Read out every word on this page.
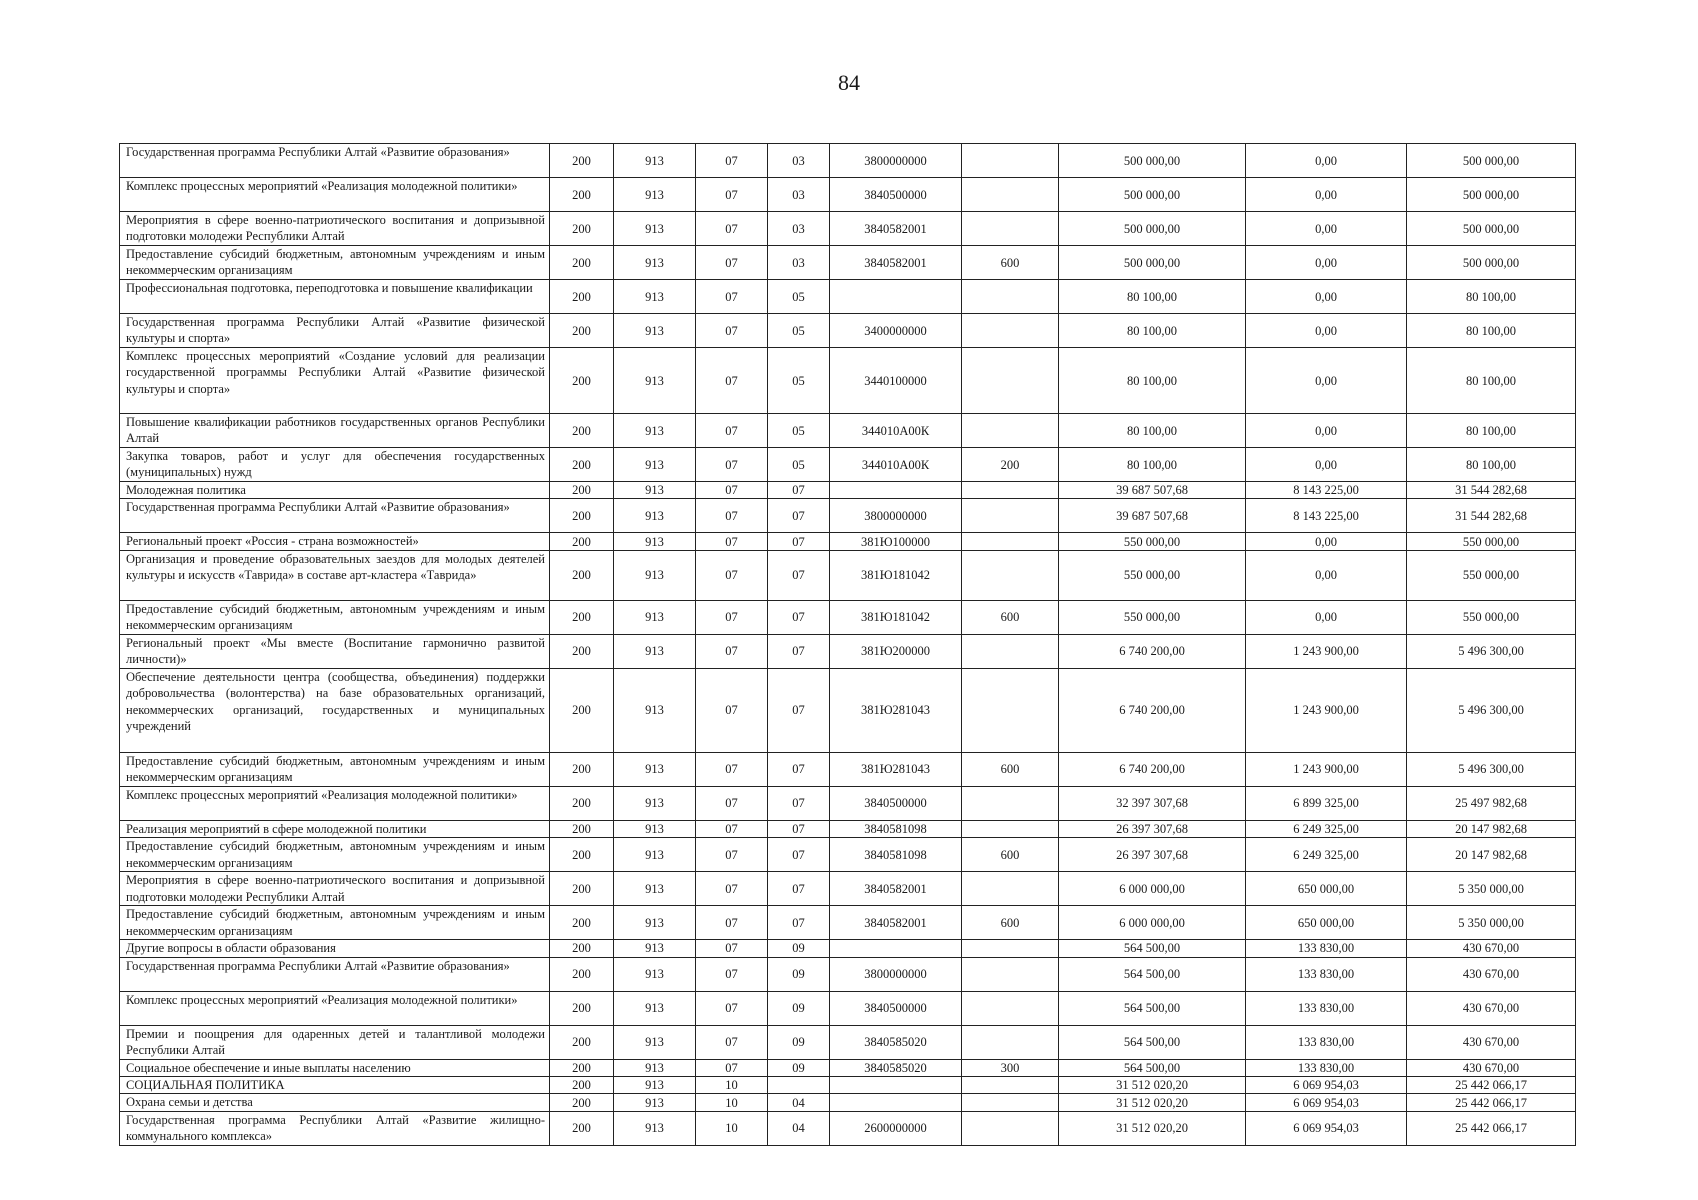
84
Государственная программа Республики Алтай «Развитие образования»	200	913	07	03	3800000000		500 000,00	0,00	500 000,00
Комплекс процессных мероприятий «Реализация молодежной политики»	200	913	07	03	3840500000		500 000,00	0,00	500 000,00
Мероприятия в сфере военно-патриотического воспитания и допризывной подготовки молодежи Республики Алтай	200	913	07	03	3840582001		500 000,00	0,00	500 000,00
Предоставление субсидий бюджетным, автономным учреждениям и иным некоммерческим организациям	200	913	07	03	3840582001	600	500 000,00	0,00	500 000,00
Профессиональная подготовка, переподготовка и повышение квалификации	200	913	07	05			80 100,00	0,00	80 100,00
Государственная программа Республики Алтай «Развитие физической культуры и спорта»	200	913	07	05	3400000000		80 100,00	0,00	80 100,00
Комплекс процессных мероприятий «Создание условий для реализации государственной программы Республики Алтай «Развитие физической культуры и спорта»	200	913	07	05	3440100000		80 100,00	0,00	80 100,00
Повышение квалификации работников государственных органов Республики Алтай	200	913	07	05	344010А00К		80 100,00	0,00	80 100,00
Закупка товаров, работ и услуг для обеспечения государственных (муниципальных) нужд	200	913	07	05	344010А00К	200	80 100,00	0,00	80 100,00
Молодежная политика	200	913	07	07			39 687 507,68	8 143 225,00	31 544 282,68
Государственная программа Республики Алтай «Развитие образования»	200	913	07	07	3800000000		39 687 507,68	8 143 225,00	31 544 282,68
Региональный проект «Россия - страна возможностей»	200	913	07	07	381Ю100000		550 000,00	0,00	550 000,00
Организация и проведение образовательных заездов для молодых деятелей культуры и искусств «Таврида» в составе арт-кластера «Таврида»	200	913	07	07	381Ю181042		550 000,00	0,00	550 000,00
Предоставление субсидий бюджетным, автономным учреждениям и иным некоммерческим организациям	200	913	07	07	381Ю181042	600	550 000,00	0,00	550 000,00
Региональный проект «Мы вместе (Воспитание гармонично развитой личности)»	200	913	07	07	381Ю200000		6 740 200,00	1 243 900,00	5 496 300,00
Обеспечение деятельности центра (сообщества, объединения) поддержки добровольчества (волонтерства) на базе образовательных организаций, некоммерческих организаций, государственных и муниципальных учреждений	200	913	07	07	381Ю281043		6 740 200,00	1 243 900,00	5 496 300,00
Предоставление субсидий бюджетным, автономным учреждениям и иным некоммерческим организациям	200	913	07	07	381Ю281043	600	6 740 200,00	1 243 900,00	5 496 300,00
Комплекс процессных мероприятий «Реализация молодежной политики»	200	913	07	07	3840500000		32 397 307,68	6 899 325,00	25 497 982,68
Реализация мероприятий в сфере молодежной политики	200	913	07	07	3840581098		26 397 307,68	6 249 325,00	20 147 982,68
Предоставление субсидий бюджетным, автономным учреждениям и иным некоммерческим организациям	200	913	07	07	3840581098	600	26 397 307,68	6 249 325,00	20 147 982,68
Мероприятия в сфере военно-патриотического воспитания и допризывной подготовки молодежи Республики Алтай	200	913	07	07	3840582001		6 000 000,00	650 000,00	5 350 000,00
Предоставление субсидий бюджетным, автономным учреждениям и иным некоммерческим организациям	200	913	07	07	3840582001	600	6 000 000,00	650 000,00	5 350 000,00
Другие вопросы в области образования	200	913	07	09			564 500,00	133 830,00	430 670,00
Государственная программа Республики Алтай «Развитие образования»	200	913	07	09	3800000000		564 500,00	133 830,00	430 670,00
Комплекс процессных мероприятий «Реализация молодежной политики»	200	913	07	09	3840500000		564 500,00	133 830,00	430 670,00
Премии и поощрения для одаренных детей и талантливой молодежи Республики Алтай	200	913	07	09	3840585020		564 500,00	133 830,00	430 670,00
Социальное обеспечение и иные выплаты населению	200	913	07	09	3840585020	300	564 500,00	133 830,00	430 670,00
СОЦИАЛЬНАЯ ПОЛИТИКА	200	913	10				31 512 020,20	6 069 954,03	25 442 066,17
Охрана семьи и детства	200	913	10	04			31 512 020,20	6 069 954,03	25 442 066,17
Государственная программа Республики Алтай «Развитие жилищно-коммунального комплекса»	200	913	10	04	2600000000		31 512 020,20	6 069 954,03	25 442 066,17
